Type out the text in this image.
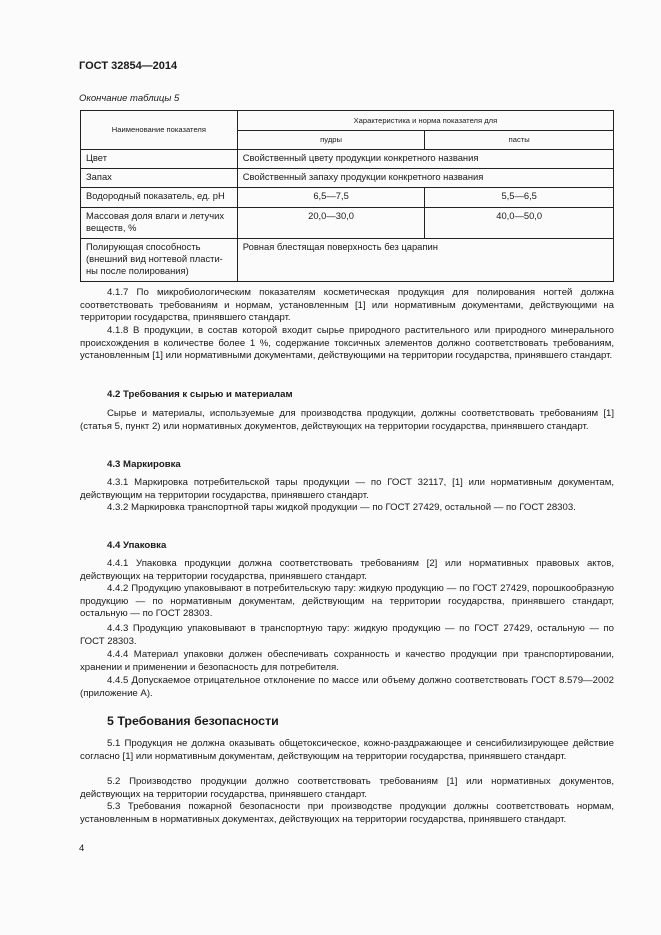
ГОСТ 32854—2014
Окончание таблицы 5
Наименование показателя	Характеристика и норма показателя для	
	пудры	пасты
Цвет	Свойственный цвету продукции конкретного названия	
Запах	Свойственный запаху продукции конкретного названия	
Водородный показатель, ед. pH	6,5—7,5	5,5—6,5
Массовая доля влаги и летучих веществ, %	20,0—30,0	40,0—50,0
Полирующая способность (внешний вид ногтевой пласти-ны после полирования)	Ровная блестящая поверхность без царапин	

4.1.7 По микробиологическим показателям косметическая продукция для полирования ногтей должна соответствовать требованиям и нормам, установленным [1] или нормативным документами, действующими на территории государства, принявшего стандарт.

4.1.8 В продукции, в состав которой входит сырье природного растительного или природного минерального происхождения в количестве более 1 %, содержание токсичных элементов должно соответствовать требованиям, установленным [1] или нормативными документами, действующими на территории государства, принявшего стандарт.

4.2 Требования к сырью и материалам

Сырье и материалы, используемые для производства продукции, должны соответствовать требованиям [1] (статья 5, пункт 2) или нормативных документов, действующих на территории государства, принявшего стандарт.

4.3 Маркировка

4.3.1 Маркировка потребительской тары продукции — по ГОСТ 32117, [1] или нормативным документам, действующим на территории государства, принявшего стандарт.

4.3.2 Маркировка транспортной тары жидкой продукции — по ГОСТ 27429, остальной — по ГОСТ 28303.

4.4 Упаковка

4.4.1 Упаковка продукции должна соответствовать требованиям [2] или нормативных правовых актов, действующих на территории государства, принявшего стандарт.

4.4.2 Продукцию упаковывают в потребительскую тару: жидкую продукцию — по ГОСТ 27429, порошкообразную продукцию — по нормативным документам, действующим на территории государства, принявшего стандарт, остальную — по ГОСТ 28303.

4.4.3 Продукцию упаковывают в транспортную тару: жидкую продукцию — по ГОСТ 27429, остальную — по ГОСТ 28303.

4.4.4 Материал упаковки должен обеспечивать сохранность и качество продукции при транспортировании, хранении и применении и безопасность для потребителя.

4.4.5 Допускаемое отрицательное отклонение по массе или объему должно соответствовать ГОСТ 8.579—2002 (приложение А).

5 Требования безопасности

5.1 Продукция не должна оказывать общетоксическое, кожно-раздражающее и сенсибилизирующее действие согласно [1] или нормативным документам, действующим на территории государства, принявшего стандарт.

5.2 Производство продукции должно соответствовать требованиям [1] или нормативных документов, действующих на территории государства, принявшего стандарт.

5.3 Требования пожарной безопасности при производстве продукции должны соответствовать нормам, установленным в нормативных документах, действующих на территории государства, принявшего стандарт.

4
